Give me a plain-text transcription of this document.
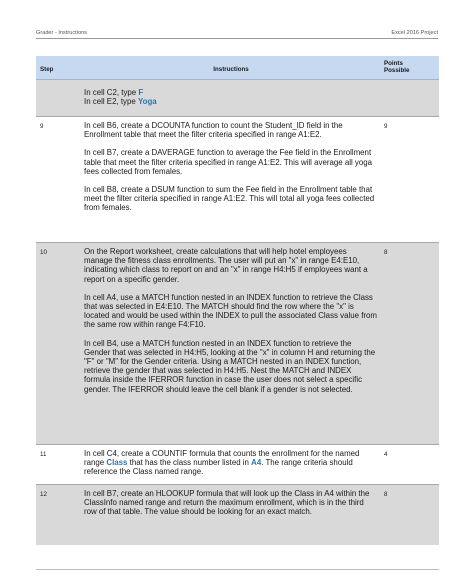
Grader - Instructions	Excel 2016 Project
Step	Instructions	Points
Possible

	In cell C2, type F

In cell E2, type Yoga	

9	In cell B6, create a DCOUNTA function to count the Student_ID field in the Enrollment table that meet the filter criteria specified in range A1:E2.

In cell B7, create a DAVERAGE function to average the Fee field in the Enrollment table that meet the filter criteria specified in range A1:E2. This will average all yoga fees collected from females.

In cell B8, create a DSUM function to sum the Fee field in the Enrollment table that meet the filter criteria specified in range A1:E2. This will total all yoga fees collected from females.	9
10	On the Report worksheet, create calculations that will help hotel employees manage the fitness class enrollments. The user will put an "x" in range E4:E10, indicating which class to report on and an "x" in range H4:H5 if employees want a report on a specific gender.

In cell A4, use a MATCH function nested in an INDEX function to retrieve the Class that was selected in E4:E10. The MATCH should find the row where the "x" is located and would be used within the INDEX to pull the associated Class value from the same row within range F4:F10.

In cell B4, use a MATCH function nested in an INDEX function to retrieve the Gender that was selected in H4:H5, looking at the "x" in column H and returning the "F" or "M" for the Gender criteria. Using a MATCH nested in an INDEX function, retrieve the gender that was selected in H4:H5. Nest the MATCH and INDEX formula inside the IFERROR function in case the user does not select a specific gender. The IFERROR should leave the cell blank if a gender is not selected.	8
11	In cell C4, create a COUNTIF formula that counts the enrollment for the named range Class that has the class number listed in A4. The range criteria should reference the Class named range.	4
12	In cell B7, create an HLOOKUP formula that will look up the Class in A4 within the ClassInfo named range and return the maximum enrollment, which is in the third row of that table. The value should be looking for an exact match.	8
